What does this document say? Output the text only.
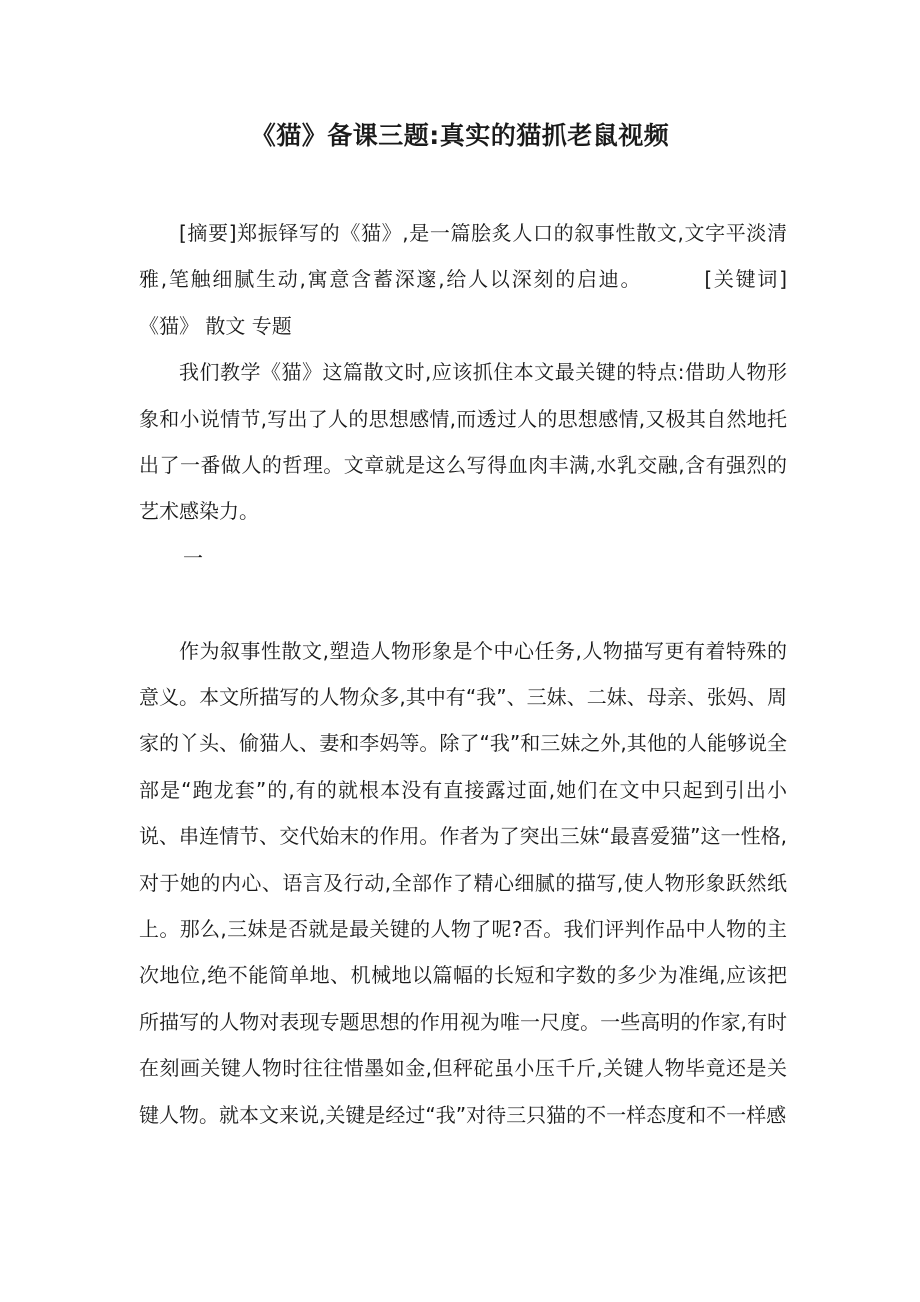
《猫》备课三题:真实的猫抓老鼠视频

[摘要]郑振铎写的《猫》,是一篇脍炙人口的叙事性散文,文字平淡清雅,笔触细腻生动,寓意含蓄深邃,给人以深刻的启迪。	[关键词]《猫》 散文 专题

我们教学《猫》这篇散文时,应该抓住本文最关键的特点:借助人物形象和小说情节,写出了人的思想感情,而透过人的思想感情,又极其自然地托出了一番做人的哲理。文章就是这么写得血肉丰满,水乳交融,含有强烈的艺术感染力。

一

作为叙事性散文,塑造人物形象是个中心任务,人物描写更有着特殊的意义。本文所描写的人物众多,其中有“我”、三妹、二妹、母亲、张妈、周家的丫头、偷猫人、妻和李妈等。除了“我”和三妹之外,其他的人能够说全部是“跑龙套”的,有的就根本没有直接露过面,她们在文中只起到引出小说、串连情节、交代始末的作用。作者为了突出三妹“最喜爱猫”这一性格,对于她的内心、语言及行动,全部作了精心细腻的描写,使人物形象跃然纸上。那么,三妹是否就是最关键的人物了呢?否。我们评判作品中人物的主次地位,绝不能简单地、机械地以篇幅的长短和字数的多少为准绳,应该把所描写的人物对表现专题思想的作用视为唯一尺度。一些高明的作家,有时在刻画关键人物时往往惜墨如金,但秤砣虽小压千斤,关键人物毕竟还是关键人物。就本文来说,关键是经过“我”对待三只猫的不一样态度和不一样感
